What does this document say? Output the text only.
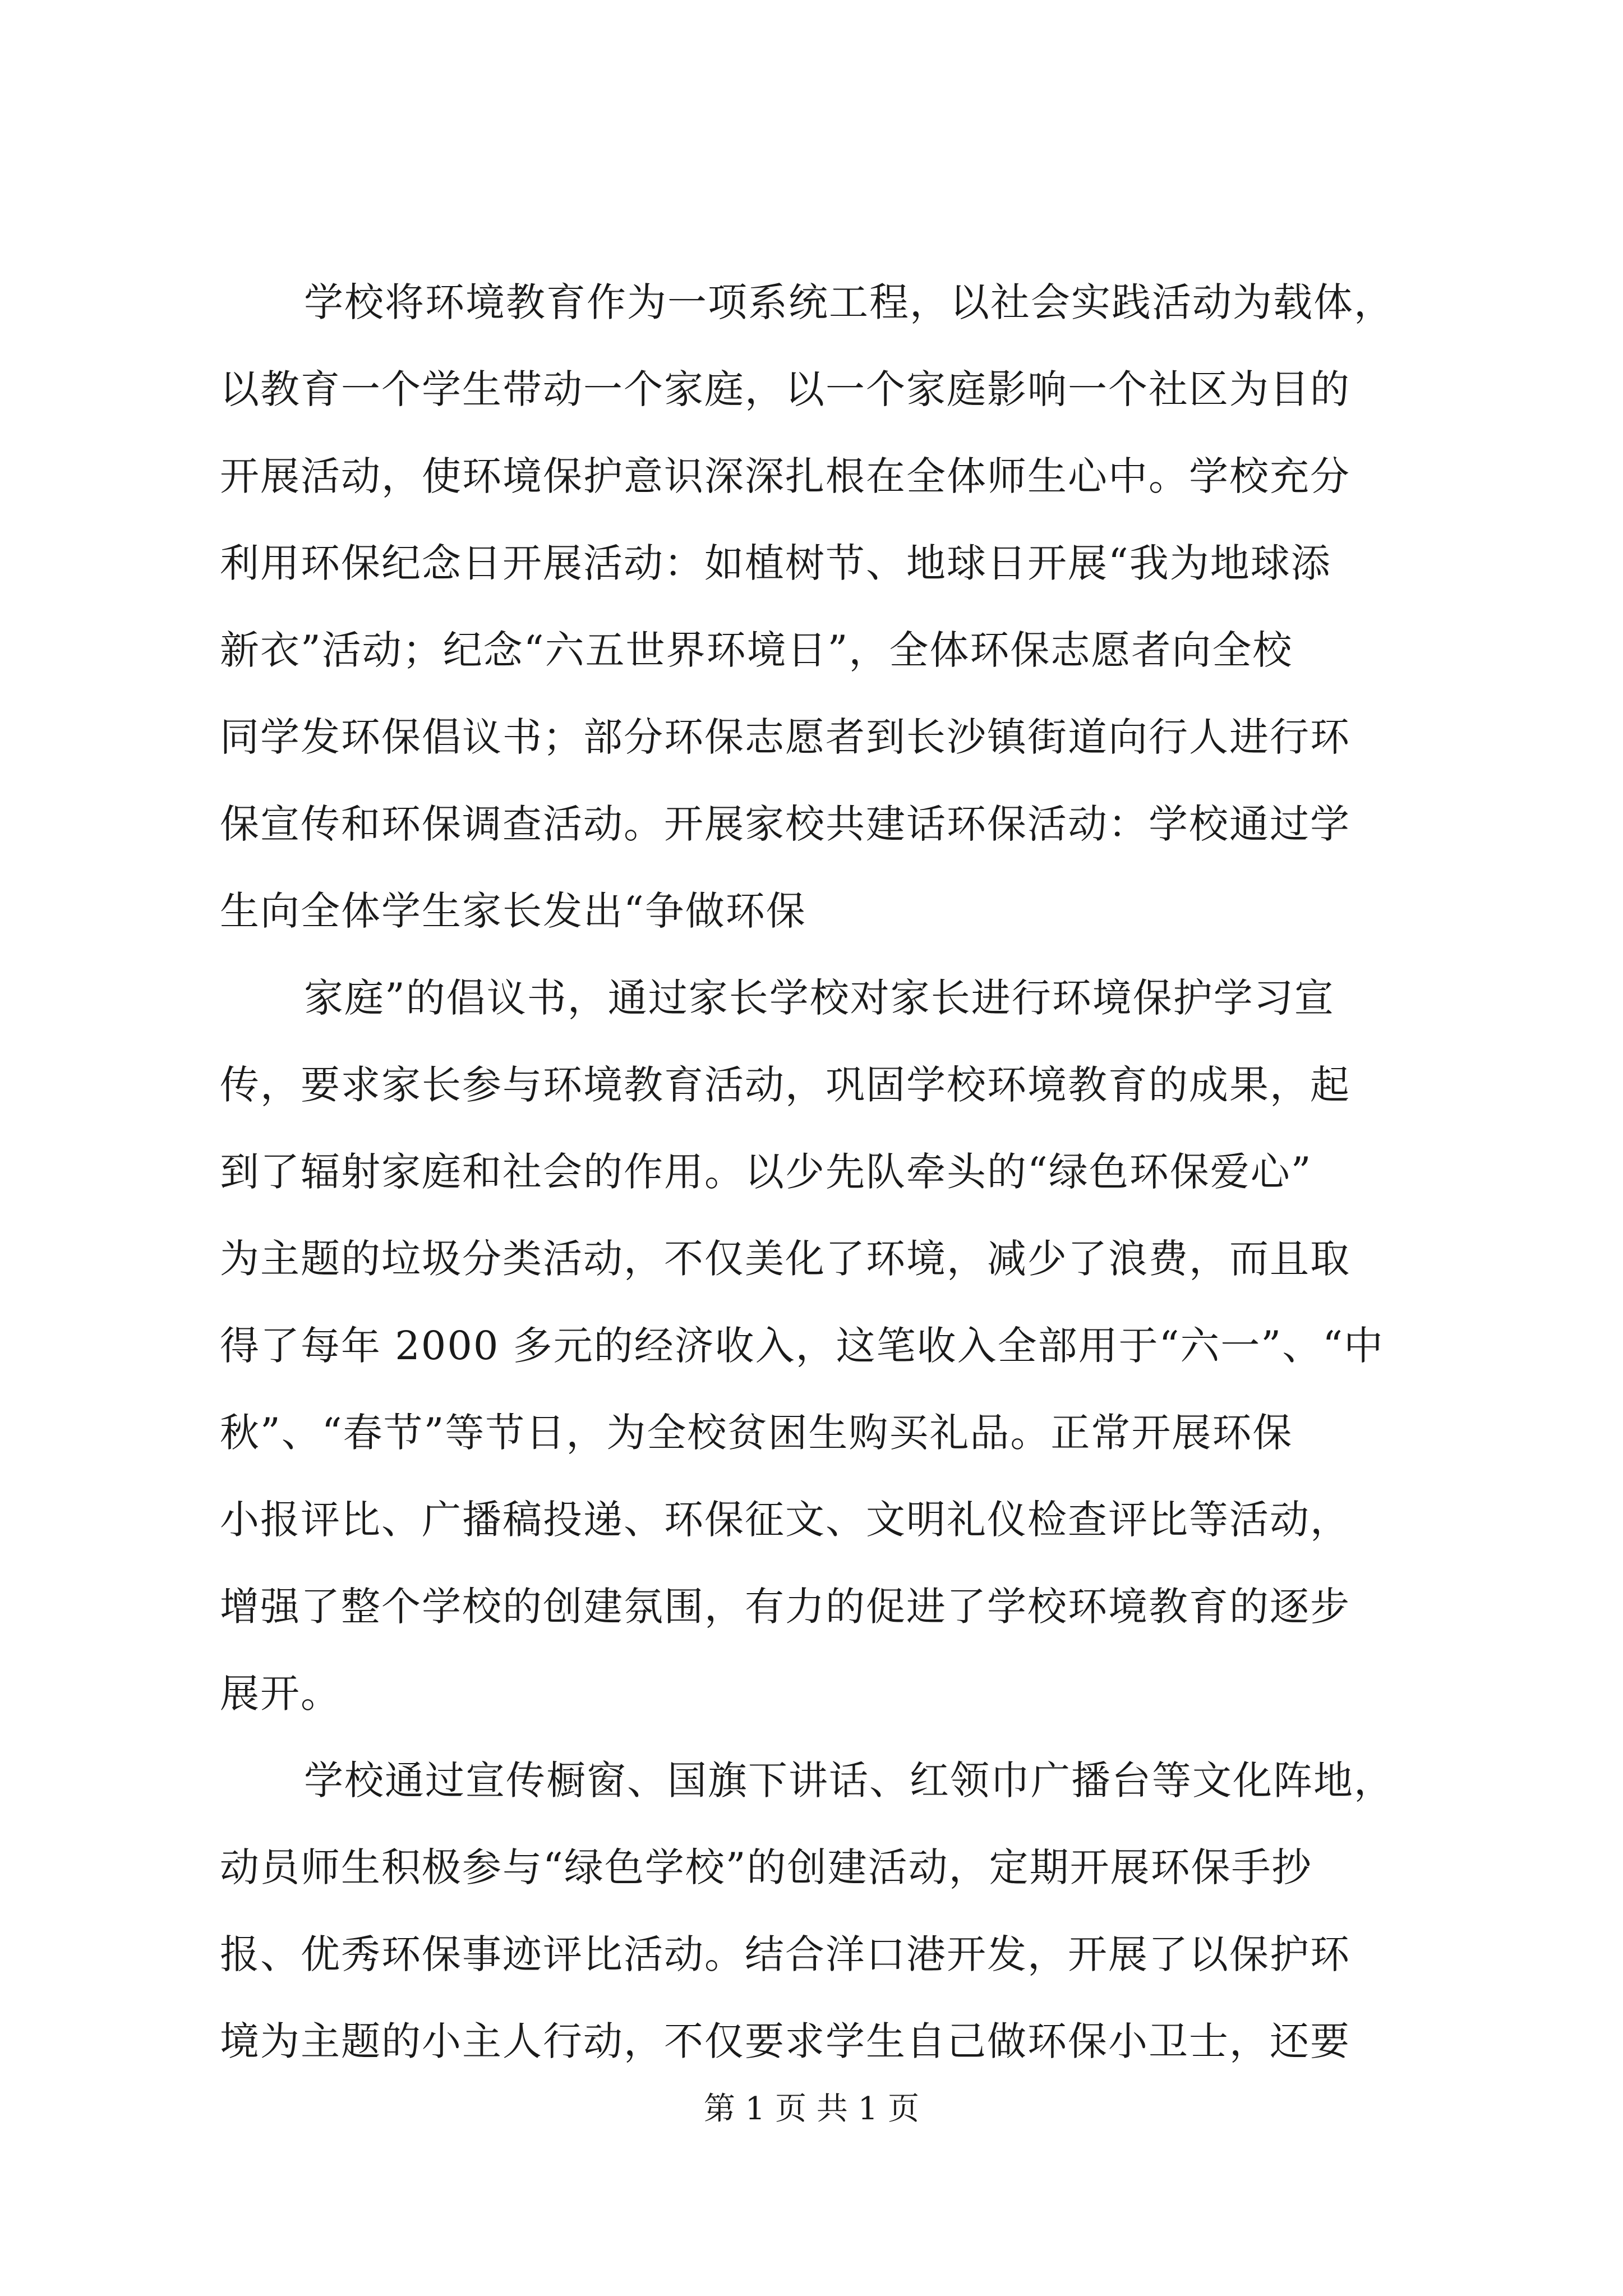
学校将环境教育作为一项系统工程，以社会实践活动为载体，
以教育一个学生带动一个家庭，以一个家庭影响一个社区为目的
开展活动，使环境保护意识深深扎根在全体师生心中。学校充分
利用环保纪念日开展活动：如植树节、地球日开展“我为地球添
新衣”活动；纪念“六五世界环境日”，全体环保志愿者向全校
同学发环保倡议书；部分环保志愿者到长沙镇街道向行人进行环
保宣传和环保调查活动。开展家校共建话环保活动：学校通过学
生向全体学生家长发出“争做环保
家庭”的倡议书，通过家长学校对家长进行环境保护学习宣
传，要求家长参与环境教育活动，巩固学校环境教育的成果，起
到了辐射家庭和社会的作用。以少先队牵头的“绿色环保爱心”
为主题的垃圾分类活动，不仅美化了环境，减少了浪费，而且取
得了每年 2000 多元的经济收入，这笔收入全部用于“六一”、“中
秋”、“春节”等节日，为全校贫困生购买礼品。正常开展环保
小报评比、广播稿投递、环保征文、文明礼仪检查评比等活动，
增强了整个学校的创建氛围，有力的促进了学校环境教育的逐步
展开。
学校通过宣传橱窗、国旗下讲话、红领巾广播台等文化阵地，
动员师生积极参与“绿色学校”的创建活动，定期开展环保手抄
报、优秀环保事迹评比活动。结合洋口港开发，开展了以保护环
境为主题的小主人行动，不仅要求学生自己做环保小卫士，还要
第 1 页 共 1 页
